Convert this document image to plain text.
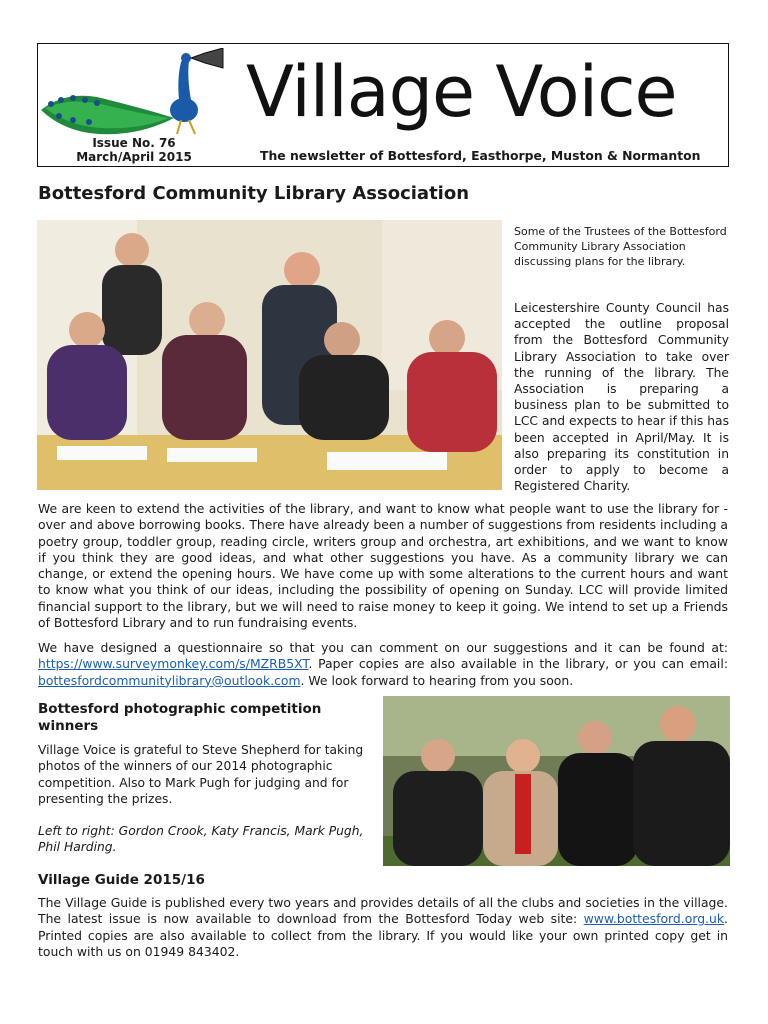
Issue No. 76
March/April 2015
Village Voice
The newsletter of Bottesford, Easthorpe, Muston & Normanton
Bottesford Community Library Association
Some of the Trustees of the Bottesford Community Library Association discussing plans for the library.
Leicestershire County Council has accepted the outline proposal from the Bottesford Community Library Association to take over the running of the library. The Association is preparing a business plan to be submitted to LCC and expects to hear if this has been accepted in April/May. It is also preparing its constitution in order to apply to become a Registered Charity.

We are keen to extend the activities of the library, and want to know what people want to use the library for - over and above borrowing books. There have already been a number of suggestions from residents including a poetry group, toddler group, reading circle, writers group and orchestra, art exhibitions, and we want to know if you think they are good ideas, and what other suggestions you have. As a community library we can change, or extend the opening hours. We have come up with some alterations to the current hours and want to know what you think of our ideas, including the possibility of opening on Sunday. LCC will provide limited financial support to the library, but we will need to raise money to keep it going. We intend to set up a Friends of Bottesford Library and to run fundraising events.

We have designed a questionnaire so that you can comment on our suggestions and it can be found at: https://www.surveymonkey.com/s/MZRB5XT. Paper copies are also available in the library, or you can email: bottesfordcommunitylibrary@outlook.com. We look forward to hearing from you soon.

Bottesford photographic competition winners
Village Voice is grateful to Steve Shepherd for taking photos of the winners of our 2014 photographic competition. Also to Mark Pugh for judging and for presenting the prizes.
Left to right: Gordon Crook, Katy Francis, Mark Pugh, Phil Harding.
Village Guide 2015/16

The Village Guide is published every two years and provides details of all the clubs and societies in the village. The latest issue is now available to download from the Bottesford Today web site: www.bottesford.org.uk. Printed copies are also available to collect from the library. If you would like your own printed copy get in touch with us on 01949 843402.
